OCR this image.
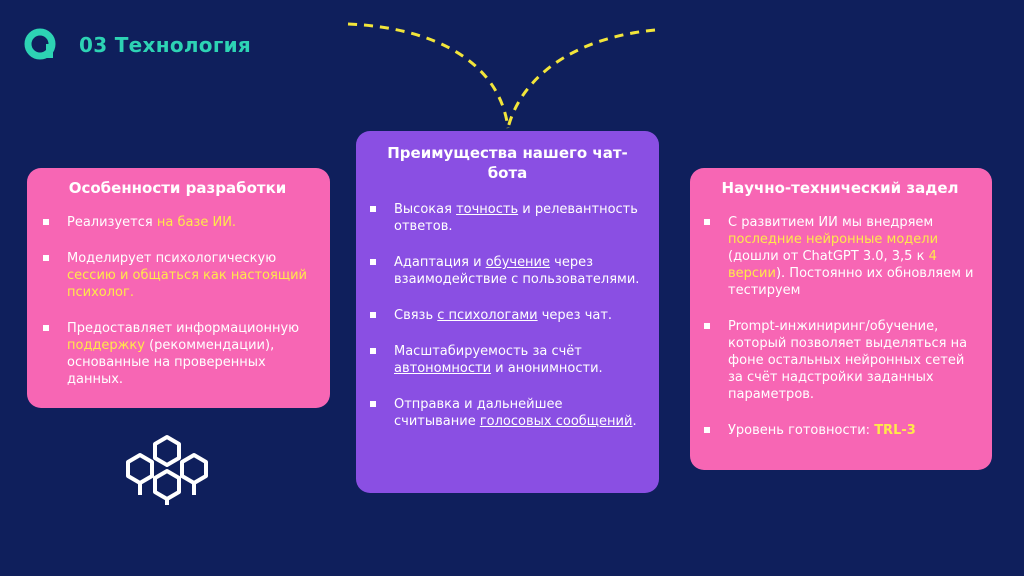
03 Технология
Особенности разработки
Реализуется на базе ИИ.
Моделирует психологическую сессию и общаться как настоящий психолог.
Предоставляет информационную поддержку (рекоммендации), основанные на проверенных данных.
Преимущества нашего чат-бота
Высокая точность и релевантность ответов.
Адаптация и обучение через взаимодействие с пользователями.
Связь с психологами через чат.
Масштабируемость за счёт автономности и анонимности.
Отправка и дальнейшее считывание голосовых сообщений.
Научно-технический задел
С развитием ИИ мы внедряем последние нейронные модели (дошли от ChatGPT 3.0, 3,5 к 4 версии). Постоянно их обновляем и тестируем
Prompt-инжиниринг/обучение, который позволяет выделяться на фоне остальных нейронных сетей за счёт надстройки заданных параметров.
Уровень готовности: TRL-3
